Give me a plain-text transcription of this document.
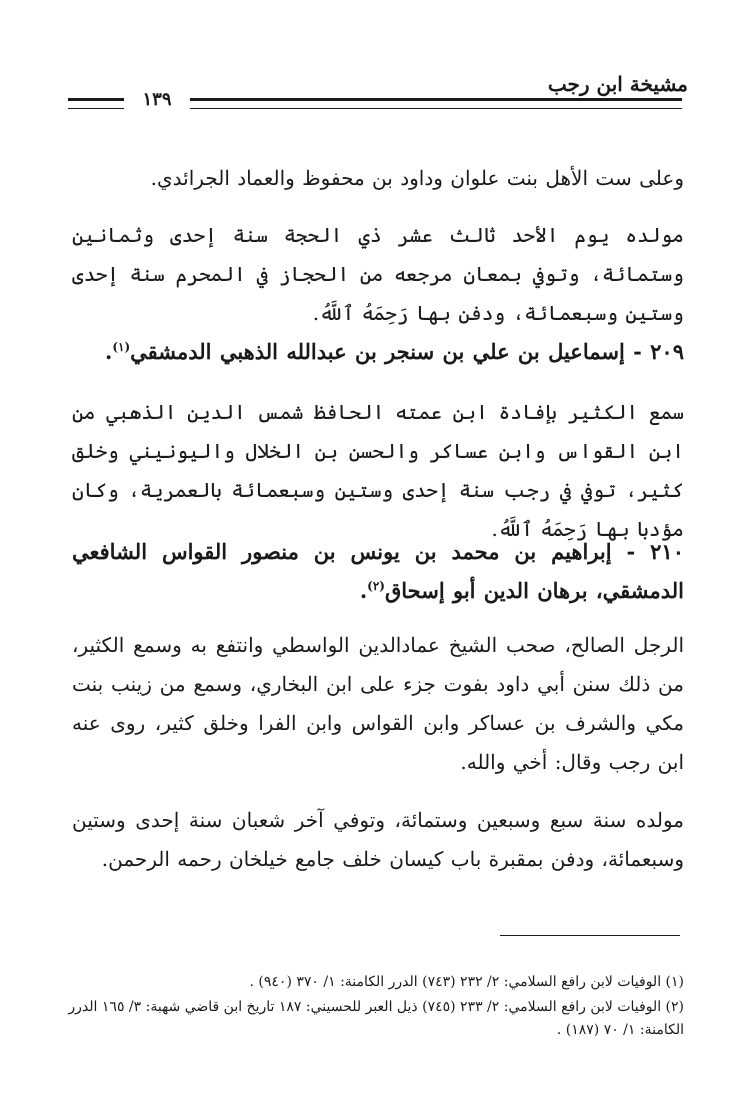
مشيخة ابن رجب
١٣٩

وعلى ست الأهل بنت علوان وداود بن محفوظ والعماد الجرائدي.

مولده يوم الأحد ثالث عشر ذي الحجة سنة إحدى وثمانين وستمائة، وتوفي بمعان مرجعه من الحجاز في المحرم سنة إحدى وستين وسبعمائة، ودفن بها رَحِمَهُ ٱللَّهُ.

٢٠٩ - إسماعيل بن علي بن سنجر بن عبدالله الذهبي الدمشقي$^{(١)}$.

سمع الكثير بإفادة ابن عمته الحافظ شمس الدين الذهبي من ابن القواس وابن عساكر والحسن بن الخلال واليونيني وخلق كثير، توفي في رجب سنة إحدى وستين وسبعمائة بالعمرية، وكان مؤدبا بها رَحِمَهُ ٱللَّهُ.

٢١٠ - إبراهيم بن محمد بن يونس بن منصور القواس الشافعي الدمشقي، برهان الدين أبو إسحاق$^{(٢)}$.

الرجل الصالح، صحب الشيخ عمادالدين الواسطي وانتفع به وسمع الكثير، من ذلك سنن أبي داود بفوت جزء على ابن البخاري، وسمع من زينب بنت مكي والشرف بن عساكر وابن القواس وابن الفرا وخلق كثير، روى عنه ابن رجب وقال: أخي والله.

مولده سنة سبع وسبعين وستمائة، وتوفي آخر شعبان سنة إحدى وستين وسبعمائة، ودفن بمقبرة باب كيسان خلف جامع خيلخان رحمه الرحمن.

(١) الوفيات لابن رافع السلامي: ٢/ ٢٣٢ (٧٤٣) الدرر الكامنة: ١/ ٣٧٠ (٩٤٠) .

(٢) الوفيات لابن رافع السلامي: ٢/ ٢٣٣ (٧٤٥) ذيل العبر للحسيني: ١٨٧ تاريخ ابن قاضي شهبة: ٣/ ١٦٥ الدرر الكامنة: ١/ ٧٠ (١٨٧) .
